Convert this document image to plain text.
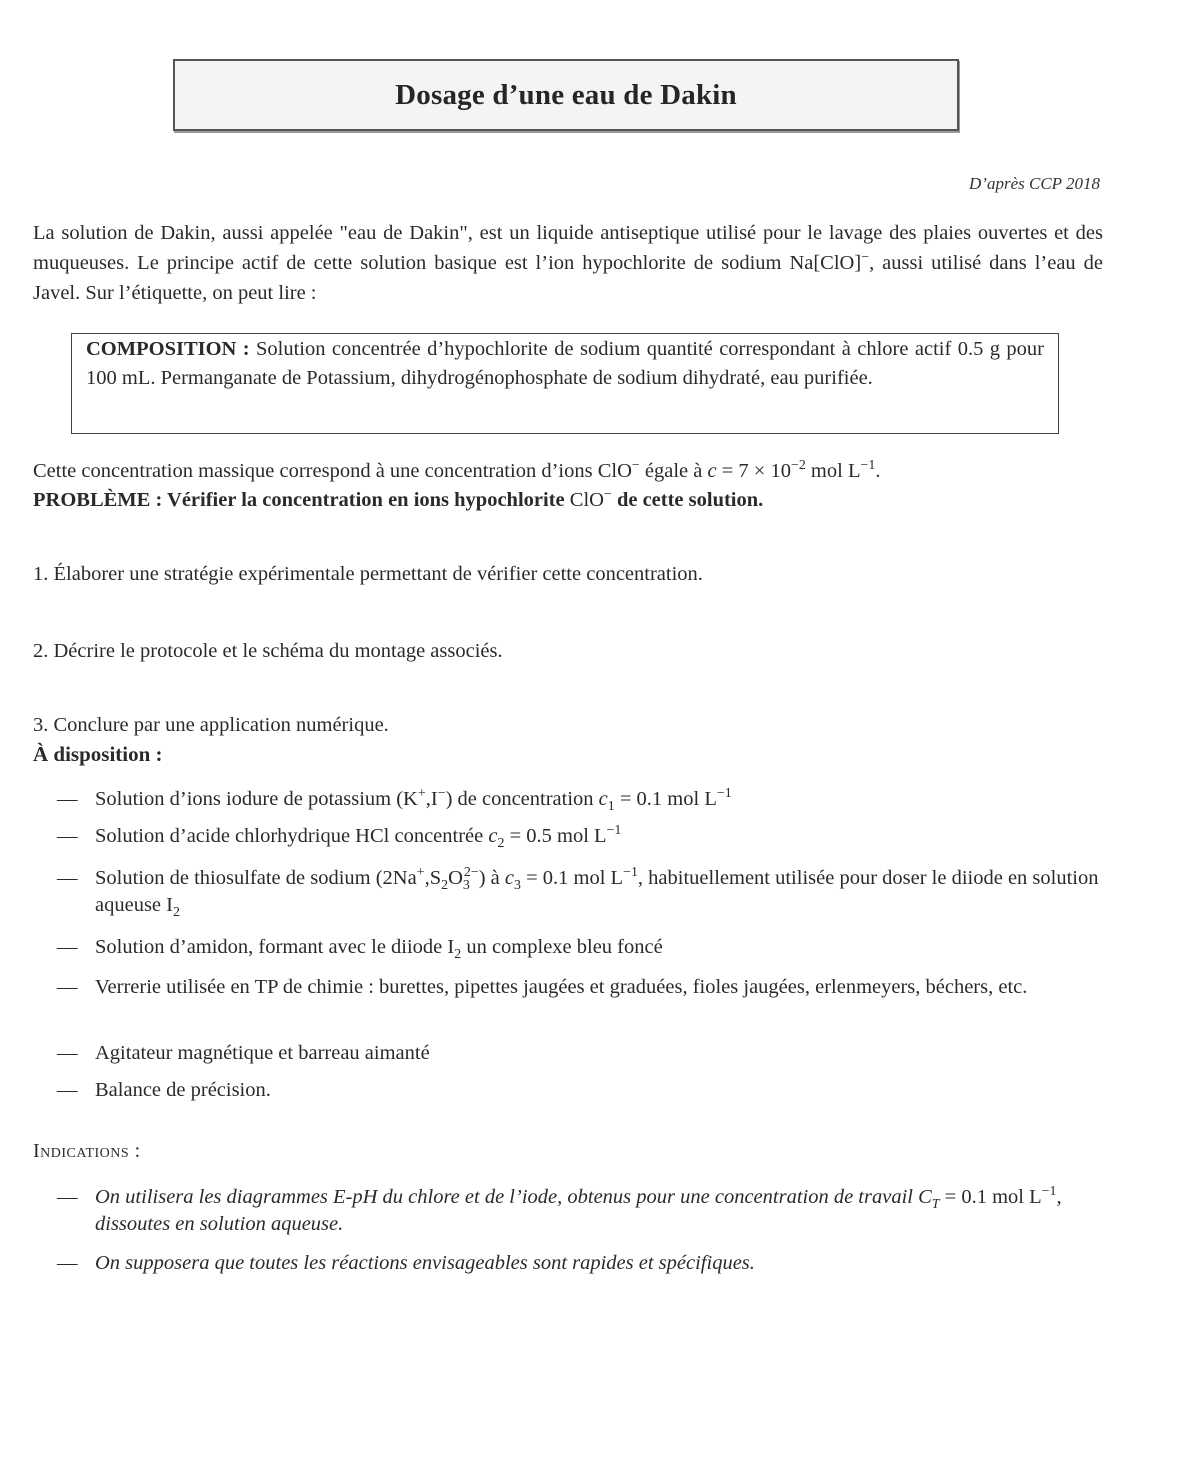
Dosage d’une eau de Dakin
D’après CCP 2018
La solution de Dakin, aussi appelée "eau de Dakin", est un liquide antiseptique utilisé pour le lavage des plaies ouvertes et des muqueuses. Le principe actif de cette solution basique est l’ion hypochlorite de sodium Na[ClO]−, aussi utilisé dans l’eau de Javel. Sur l’étiquette, on peut lire :
COMPOSITION : Solution concentrée d’hypochlorite de sodium quantité correspondant à chlore actif 0.5 g pour 100 mL. Permanganate de Potassium, dihydrogénophosphate de sodium dihydraté, eau purifiée.
Cette concentration massique correspond à une concentration d’ions ClO− égale à $c = 7 \times 10^{-2}$ mol $L^{-1}$.
PROBLÈME : Vérifier la concentration en ions hypochlorite ClO− de cette solution.
1. Élaborer une stratégie expérimentale permettant de vérifier cette concentration.
2. Décrire le protocole et le schéma du montage associés.
3. Conclure par une application numérique.
À disposition :
— Solution d’ions iodure de potassium (K+,I−) de concentration $c_1 = 0.1$ mol $L^{-1}$
— Solution d’acide chlorhydrique HCl concentrée $c_2 = 0.5$ mol $L^{-1}$
— Solution de thiosulfate de sodium $(2Na^+,S_2O_3^{2-})$ à $c_3 = 0.1$ mol $L^{-1}$, habituellement utilisée pour doser le diiode en solution aqueuse $I_2$
— Solution d’amidon, formant avec le diiode $I_2$ un complexe bleu foncé
— Verrerie utilisée en TP de chimie : burettes, pipettes jaugées et graduées, fioles jaugées, erlenmeyers, béchers, etc.
— Agitateur magnétique et barreau aimanté
— Balance de précision.
Indications :
— On utilisera les diagrammes E-pH du chlore et de l’iode, obtenus pour une concentration de travail $C_T = 0.1$ mol $L^{-1}$, dissoutes en solution aqueuse.
— On supposera que toutes les réactions envisageables sont rapides et spécifiques.
